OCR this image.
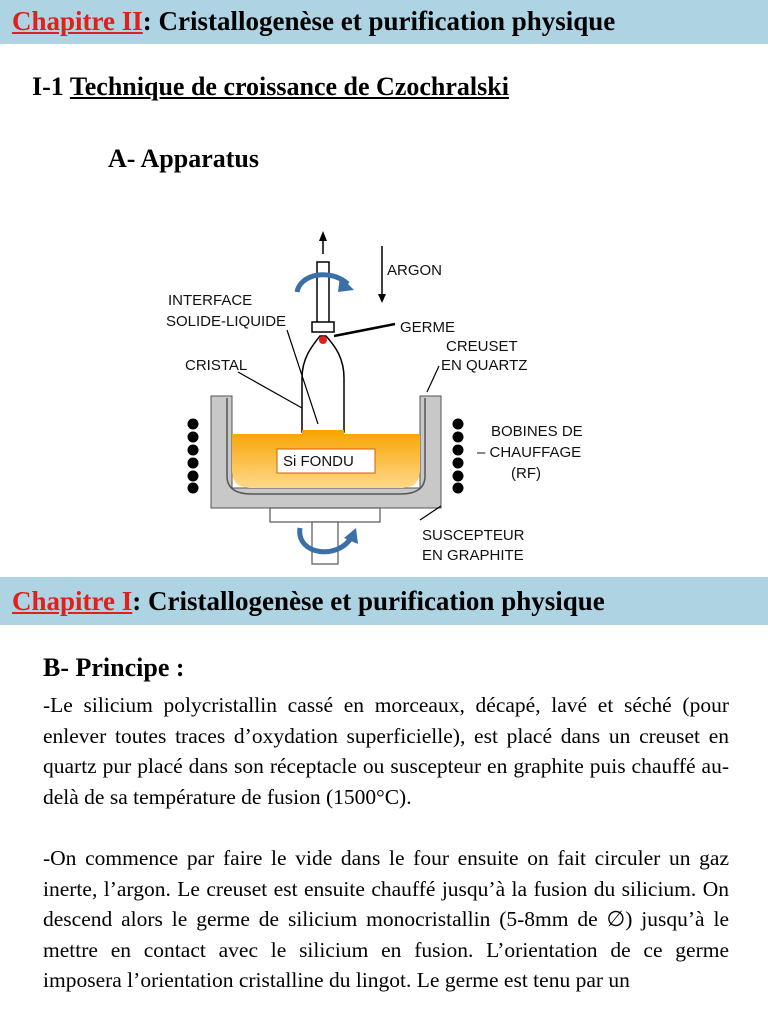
Chapitre II: Cristallogenèse et purification physique
I-1 Technique de croissance de Czochralski
A- Apparatus
ARGON
Si FONDU
INTERFACE
SOLIDE-LIQUIDE	GERME
CREUSET
EN QUARTZ
CRISTAL
BOBINES DE
– CHAUFFAGE
(RF)
SUSCEPTEUR
EN GRAPHITE
Chapitre I: Cristallogenèse et purification physique
B- Principe :
-Le silicium polycristallin cassé en morceaux, décapé, lavé et séché (pour enlever toutes traces d’oxydation superficielle), est placé dans un creuset en quartz pur placé dans son réceptacle ou suscepteur en graphite puis chauffé au-delà de sa température de fusion (1500°C).
-On commence par faire le vide dans le four ensuite on fait circuler un gaz inerte, l’argon. Le creuset est ensuite chauffé jusqu’à la fusion du silicium. On descend alors le germe de silicium monocristallin (5-8mm de ∅) jusqu’à le mettre en contact avec le silicium en fusion. L’orientation de ce germe imposera l’orientation cristalline du lingot. Le germe est tenu par un
